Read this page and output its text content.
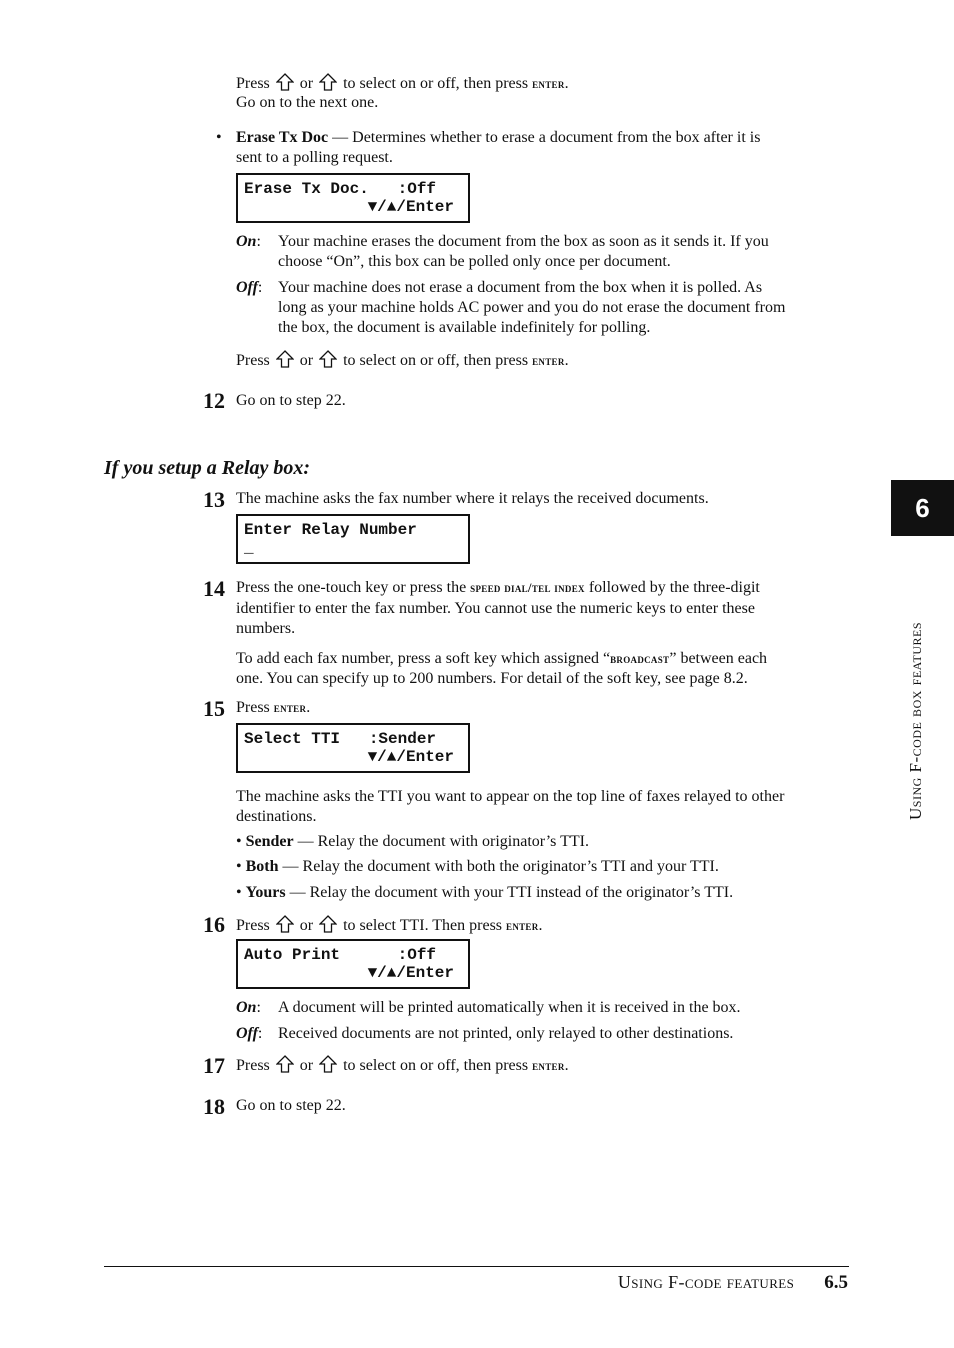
Press or to select on or off, then press enter.
Go on to the next one.
• Erase Tx Doc — Determines whether to erase a document from the box after it is
sent to a polling request.
Erase Tx Doc.   :Off
▼/▲/Enter
On: Your machine erases the document from the box as soon as it sends it. If you
choose “On”, this box can be polled only once per document.
Off: Your machine does not erase a document from the box when it is polled. As
long as your machine holds AC power and you do not erase the document from
the box, the document is available indefinitely for polling.
Press or to select on or off, then press enter.
12 Go on to step 22.
If you setup a Relay box:
13 The machine asks the fax number where it relays the received documents.
Enter Relay Number
_
14 Press the one-touch key or press the speed dial/tel index followed by the three-digit
identifier to enter the fax number. You cannot use the numeric keys to enter these
numbers.
To add each fax number, press a soft key which assigned “broadcast” between each
one. You can specify up to 200 numbers. For detail of the soft key, see page 8.2.
15 Press enter.
Select TTI   :Sender
▼/▲/Enter
The machine asks the TTI you want to appear on the top line of faxes relayed to other
destinations.
• Sender — Relay the document with originator’s TTI.
• Both — Relay the document with both the originator’s TTI and your TTI.
• Yours — Relay the document with your TTI instead of the originator’s TTI.
16 Press or to select TTI. Then press enter.
Auto Print      :Off
▼/▲/Enter
On: A document will be printed automatically when it is received in the box.
Off: Received documents are not printed, only relayed to other destinations.
17 Press or to select on or off, then press enter.
18 Go on to step 22.
6
Using F-code box features
Using F-code features 6.5
